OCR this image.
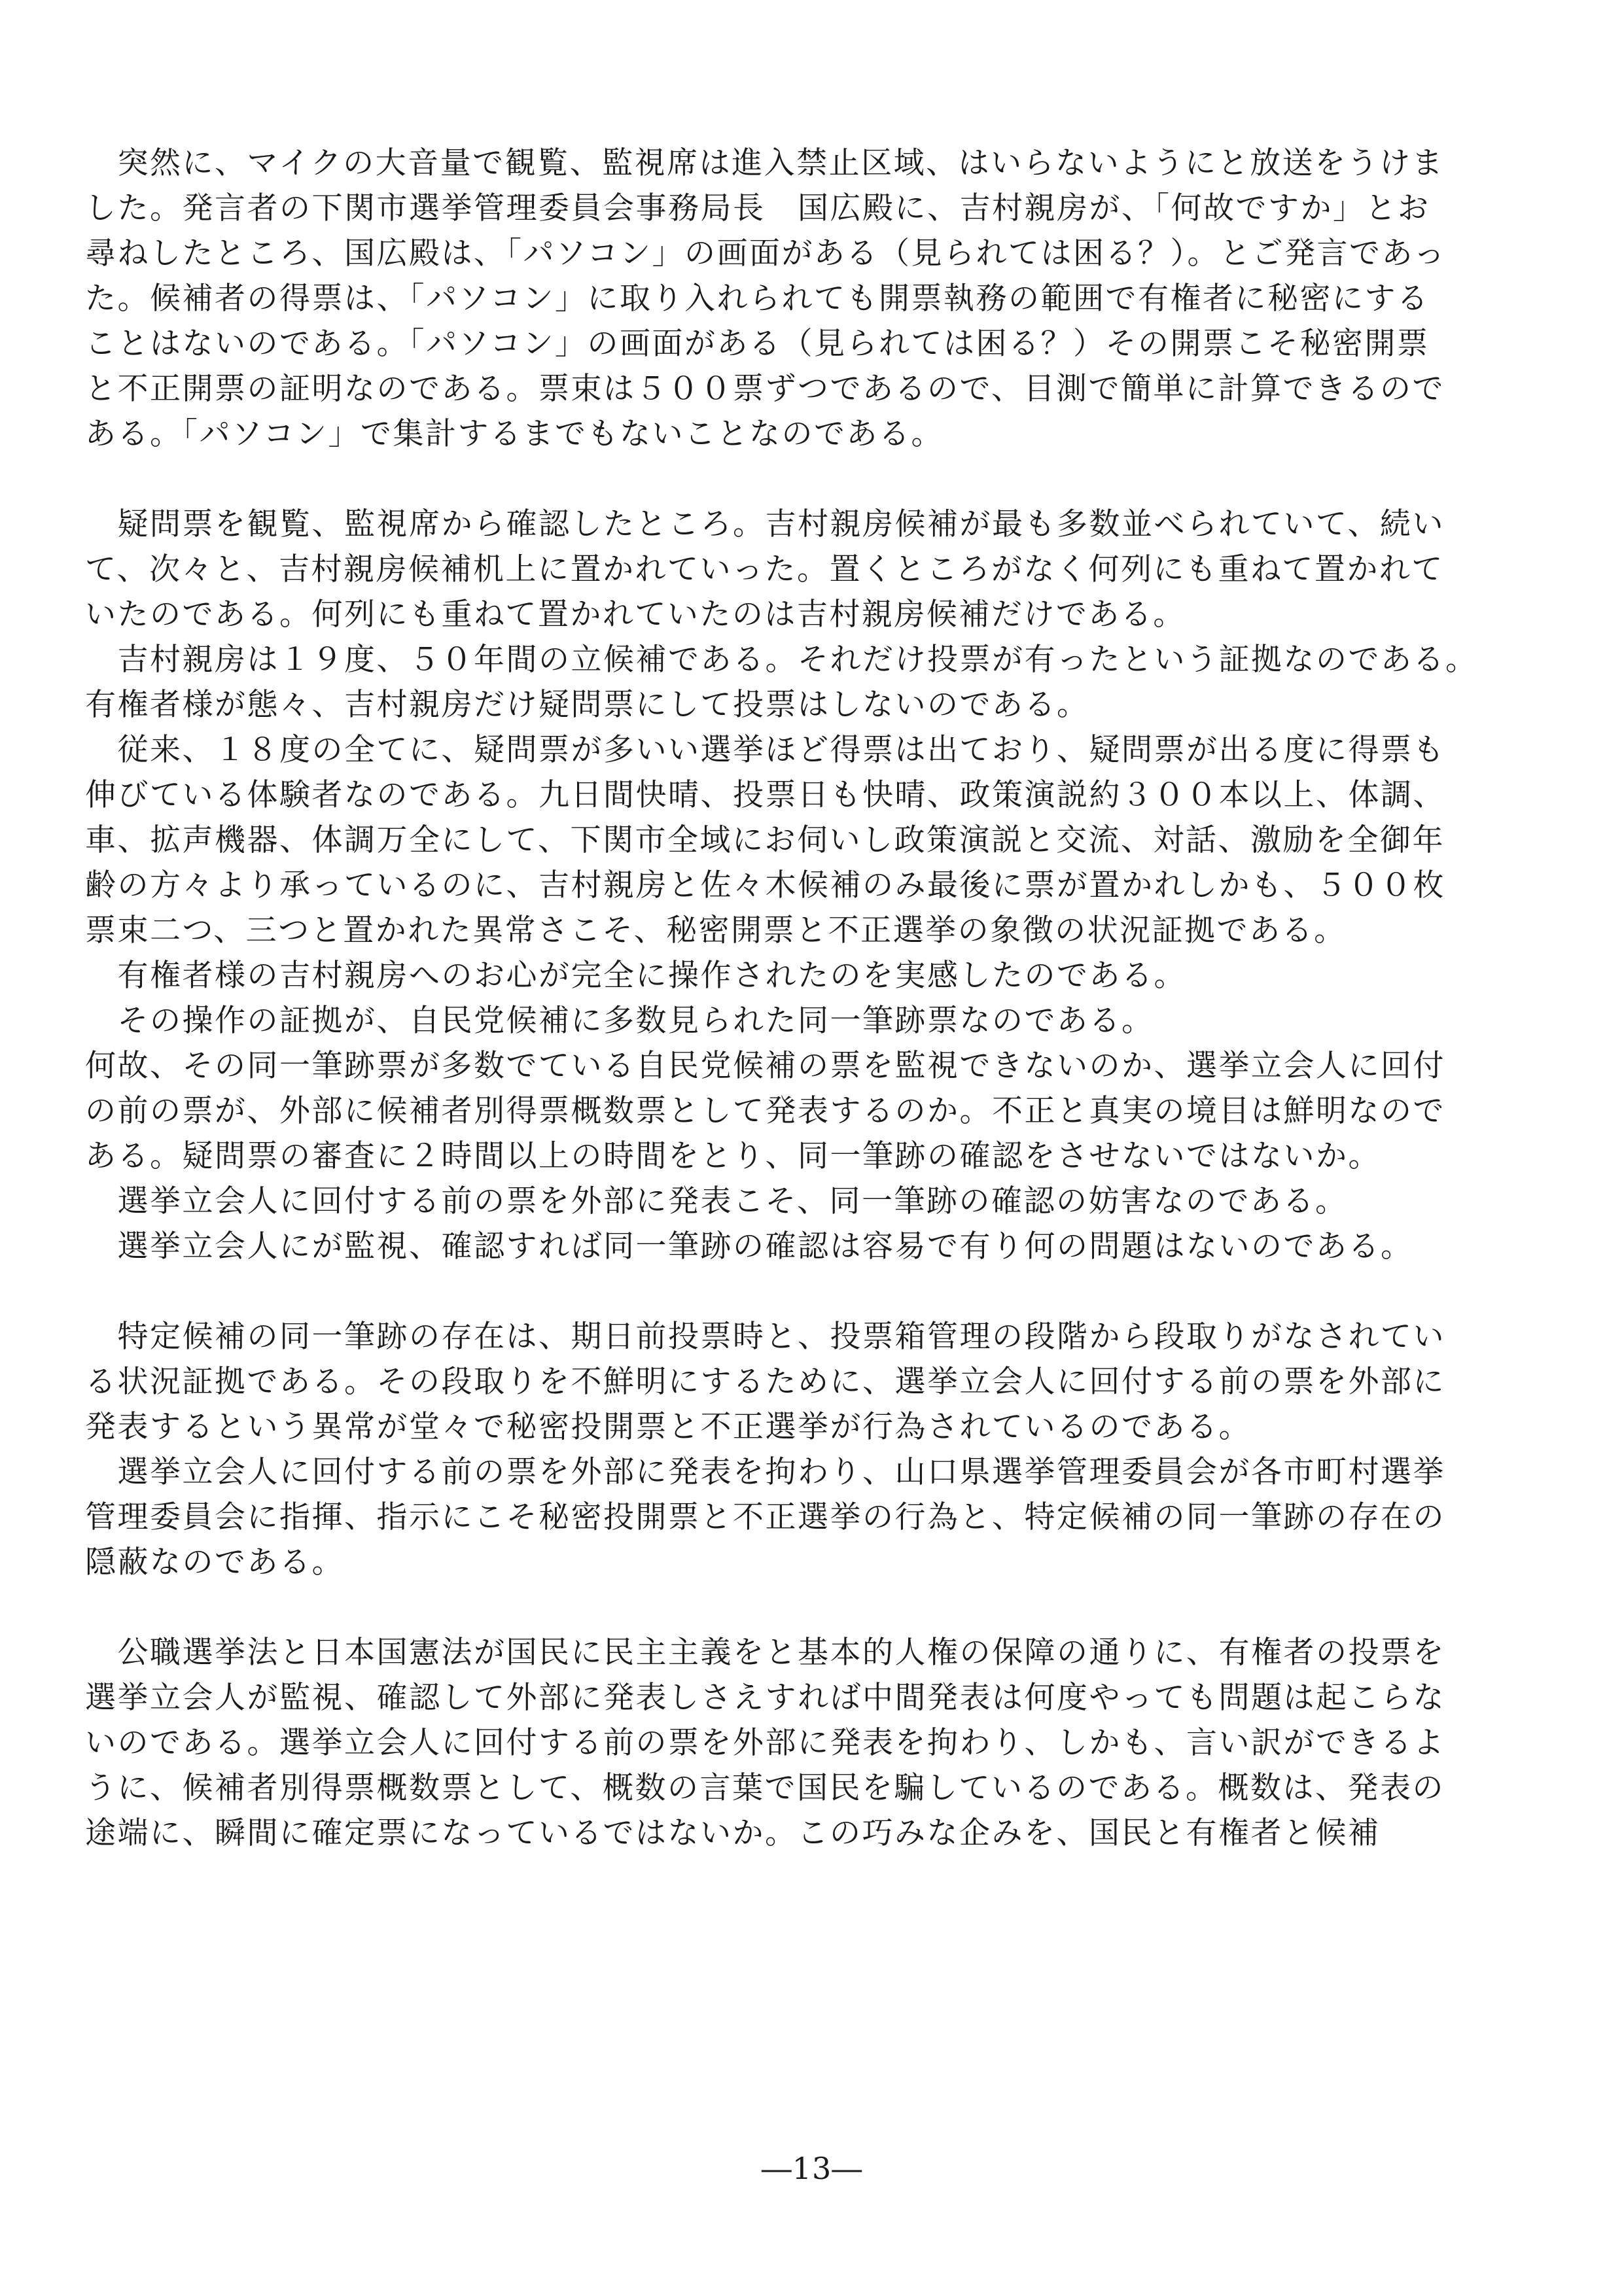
　突然に、マイクの大音量で観覧、監視席は進入禁止区域、はいらないようにと放送をうけま
した。発言者の下関市選挙管理委員会事務局長　国広殿に、吉村親房が、「何故ですか」とお
尋ねしたところ、国広殿は、「パソコン」の画面がある（見られては困る？）。とご発言であっ
た。候補者の得票は、「パソコン」に取り入れられても開票執務の範囲で有権者に秘密にする
ことはないのである。「パソコン」の画面がある（見られては困る？）その開票こそ秘密開票
と不正開票の証明なのである。票束は５００票ずつであるので、目測で簡単に計算できるので
ある。「パソコン」で集計するまでもないことなのである。
　疑問票を観覧、監視席から確認したところ。吉村親房候補が最も多数並べられていて、続い
て、次々と、吉村親房候補机上に置かれていった。置くところがなく何列にも重ねて置かれて
いたのである。何列にも重ねて置かれていたのは吉村親房候補だけである。
　吉村親房は１９度、５０年間の立候補である。それだけ投票が有ったという証拠なのである。
有権者様が態々、吉村親房だけ疑問票にして投票はしないのである。
　従来、１８度の全てに、疑問票が多いい選挙ほど得票は出ており、疑問票が出る度に得票も
伸びている体験者なのである。九日間快晴、投票日も快晴、政策演説約３００本以上、体調、
車、拡声機器、体調万全にして、下関市全域にお伺いし政策演説と交流、対話、激励を全御年
齢の方々より承っているのに、吉村親房と佐々木候補のみ最後に票が置かれしかも、５００枚
票束二つ、三つと置かれた異常さこそ、秘密開票と不正選挙の象徴の状況証拠である。
　有権者様の吉村親房へのお心が完全に操作されたのを実感したのである。
　その操作の証拠が、自民党候補に多数見られた同一筆跡票なのである。
何故、その同一筆跡票が多数でている自民党候補の票を監視できないのか、選挙立会人に回付
の前の票が、外部に候補者別得票概数票として発表するのか。不正と真実の境目は鮮明なので
ある。疑問票の審査に２時間以上の時間をとり、同一筆跡の確認をさせないではないか。
　選挙立会人に回付する前の票を外部に発表こそ、同一筆跡の確認の妨害なのである。
　選挙立会人にが監視、確認すれば同一筆跡の確認は容易で有り何の問題はないのである。
　特定候補の同一筆跡の存在は、期日前投票時と、投票箱管理の段階から段取りがなされてい
る状況証拠である。その段取りを不鮮明にするために、選挙立会人に回付する前の票を外部に
発表するという異常が堂々で秘密投開票と不正選挙が行為されているのである。
　選挙立会人に回付する前の票を外部に発表を拘わり、山口県選挙管理委員会が各市町村選挙
管理委員会に指揮、指示にこそ秘密投開票と不正選挙の行為と、特定候補の同一筆跡の存在の
隠蔽なのである。
　公職選挙法と日本国憲法が国民に民主主義をと基本的人権の保障の通りに、有権者の投票を
選挙立会人が監視、確認して外部に発表しさえすれば中間発表は何度やっても問題は起こらな
いのである。選挙立会人に回付する前の票を外部に発表を拘わり、しかも、言い訳ができるよ
うに、候補者別得票概数票として、概数の言葉で国民を騙しているのである。概数は、発表の
途端に、瞬間に確定票になっているではないか。この巧みな企みを、国民と有権者と候補
―13―
